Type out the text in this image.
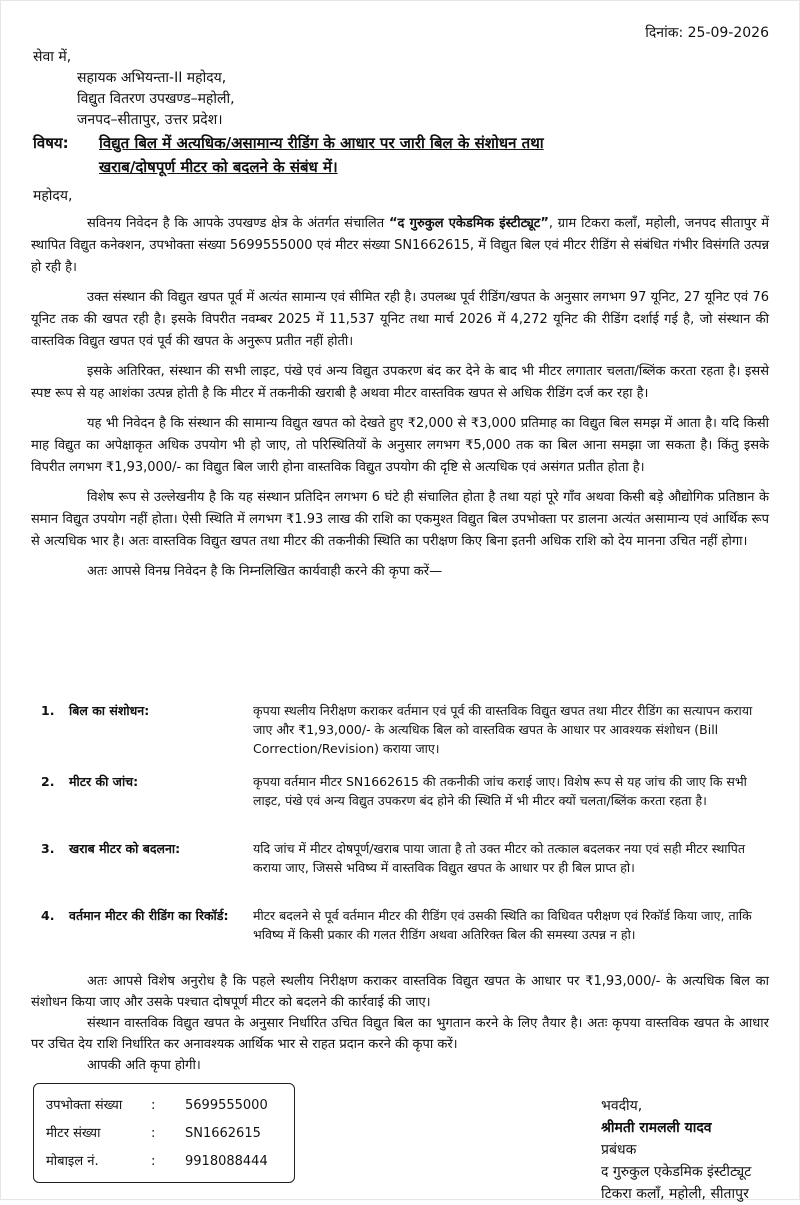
दिनांक: 25-09-2026
सेवा में,
सहायक अभियन्ता-II महोदय,
विद्युत वितरण उपखण्ड–महोली,
जनपद–सीतापुर, उत्तर प्रदेश।
विषय:	विद्युत बिल में अत्यधिक/असामान्य रीडिंग के आधार पर जारी बिल के संशोधन तथा
खराब/दोषपूर्ण मीटर को बदलने के संबंध में।
महोदय,

सविनय निवेदन है कि आपके उपखण्ड क्षेत्र के अंतर्गत संचालित “द गुरुकुल एकेडमिक इंस्टीट्यूट”, ग्राम टिकरा कलाँ, महोली, जनपद सीतापुर में स्थापित विद्युत कनेक्शन, उपभोक्ता संख्या 5699555000 एवं मीटर संख्या SN1662615, में विद्युत बिल एवं मीटर रीडिंग से संबंधित गंभीर विसंगति उत्पन्न हो रही है।

उक्त संस्थान की विद्युत खपत पूर्व में अत्यंत सामान्य एवं सीमित रही है। उपलब्ध पूर्व रीडिंग/खपत के अनुसार लगभग 97 यूनिट, 27 यूनिट एवं 76 यूनिट तक की खपत रही है। इसके विपरीत नवम्बर 2025 में 11,537 यूनिट तथा मार्च 2026 में 4,272 यूनिट की रीडिंग दर्शाई गई है, जो संस्थान की वास्तविक विद्युत खपत एवं पूर्व की खपत के अनुरूप प्रतीत नहीं होती।

इसके अतिरिक्त, संस्थान की सभी लाइट, पंखे एवं अन्य विद्युत उपकरण बंद कर देने के बाद भी मीटर लगातार चलता/ब्लिंक करता रहता है। इससे स्पष्ट रूप से यह आशंका उत्पन्न होती है कि मीटर में तकनीकी खराबी है अथवा मीटर वास्तविक खपत से अधिक रीडिंग दर्ज कर रहा है।

यह भी निवेदन है कि संस्थान की सामान्य विद्युत खपत को देखते हुए ₹2,000 से ₹3,000 प्रतिमाह का विद्युत बिल समझ में आता है। यदि किसी माह विद्युत का अपेक्षाकृत अधिक उपयोग भी हो जाए, तो परिस्थितियों के अनुसार लगभग ₹5,000 तक का बिल आना समझा जा सकता है। किंतु इसके विपरीत लगभग ₹1,93,000/- का विद्युत बिल जारी होना वास्तविक विद्युत उपयोग की दृष्टि से अत्यधिक एवं असंगत प्रतीत होता है।

विशेष रूप से उल्लेखनीय है कि यह संस्थान प्रतिदिन लगभग 6 घंटे ही संचालित होता है तथा यहां पूरे गाँव अथवा किसी बड़े औद्योगिक प्रतिष्ठान के समान विद्युत उपयोग नहीं होता। ऐसी स्थिति में लगभग ₹1.93 लाख की राशि का एकमुश्त विद्युत बिल उपभोक्ता पर डालना अत्यंत असामान्य एवं आर्थिक रूप से अत्यधिक भार है। अतः वास्तविक विद्युत खपत तथा मीटर की तकनीकी स्थिति का परीक्षण किए बिना इतनी अधिक राशि को देय मानना उचित नहीं होगा।

अतः आपसे विनम्र निवेदन है कि निम्नलिखित कार्यवाही करने की कृपा करें—

1. बिल का संशोधन:	कृपया स्थलीय निरीक्षण कराकर वर्तमान एवं पूर्व की वास्तविक विद्युत खपत तथा मीटर रीडिंग का सत्यापन कराया जाए और ₹1,93,000/- के अत्यधिक बिल को वास्तविक खपत के आधार पर आवश्यक संशोधन (Bill Correction/Revision) कराया जाए।
2. मीटर की जांच:	कृपया वर्तमान मीटर SN1662615 की तकनीकी जांच कराई जाए। विशेष रूप से यह जांच की जाए कि सभी लाइट, पंखे एवं अन्य विद्युत उपकरण बंद होने की स्थिति में भी मीटर क्यों चलता/ब्लिंक करता रहता है।
3. खराब मीटर को बदलना:	यदि जांच में मीटर दोषपूर्ण/खराब पाया जाता है तो उक्त मीटर को तत्काल बदलकर नया एवं सही मीटर स्थापित कराया जाए, जिससे भविष्य में वास्तविक विद्युत खपत के आधार पर ही बिल प्राप्त हो।
4. वर्तमान मीटर की रीडिंग का रिकॉर्ड: मीटर बदलने से पूर्व वर्तमान मीटर की रीडिंग एवं उसकी स्थिति का विधिवत परीक्षण एवं रिकॉर्ड किया जाए, ताकि भविष्य में किसी प्रकार की गलत रीडिंग अथवा अतिरिक्त बिल की समस्या उत्पन्न न हो।

अतः आपसे विशेष अनुरोध है कि पहले स्थलीय निरीक्षण कराकर वास्तविक विद्युत खपत के आधार पर ₹1,93,000/- के अत्यधिक बिल का संशोधन किया जाए और उसके पश्चात दोषपूर्ण मीटर को बदलने की कार्रवाई की जाए।

संस्थान वास्तविक विद्युत खपत के अनुसार निर्धारित उचित विद्युत बिल का भुगतान करने के लिए तैयार है। अतः कृपया वास्तविक खपत के आधार पर उचित देय राशि निर्धारित कर अनावश्यक आर्थिक भार से राहत प्रदान करने की कृपा करें।

आपकी अति कृपा होगी।

उपभोक्ता संख्या	:	5699555000
मीटर संख्या	:	SN1662615
मोबाइल नं.	:	9918088444
भवदीय,
श्रीमती रामलली यादव
प्रबंधक
द गुरुकुल एकेडमिक इंस्टीट्यूट
टिकरा कलाँ, महोली, सीतापुर
